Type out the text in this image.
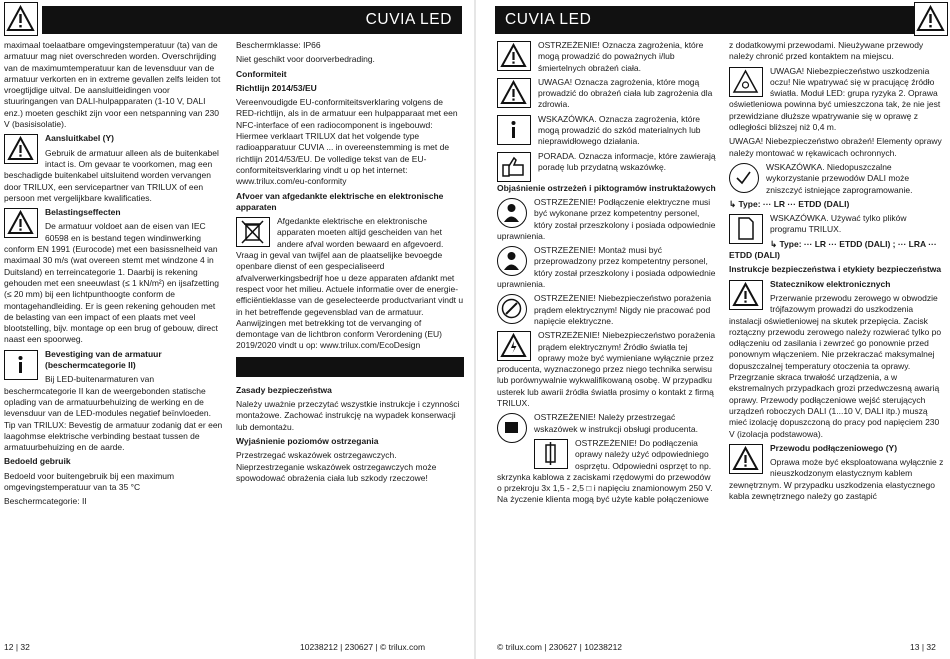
CUVIA LED

maximaal toelaatbare omgevingstemperatuur (ta) van de armatuur mag niet overschreden worden. Overschrijding van de maximumtemperatuur kan de levensduur van de armatuur verkorten en in extreme gevallen zelfs leiden tot vroegtijdige uitval. De aansluitleidingen voor stuuringangen van DALI-hulpapparaten (1-10 V, DALI enz.) moeten geschikt zijn voor een netspanning van 230 V (basisisolatie).

Aansluitkabel (Y)

Gebruik de armatuur alleen als de buitenkabel intact is. Om gevaar te voorkomen, mag een beschadigde buitenkabel uitsluitend worden vervangen door TRILUX, een servicepartner van TRILUX of een persoon met vergelijkbare kwalificaties.

Belastingseffecten

De armatuur voldoet aan de eisen van IEC 60598 en is bestand tegen windinwerking conform EN 1991 (Eurocode) met een basissnelheid van maximaal 30 m/s (wat overeen stemt met windzone 4 in Duitsland) en terreincategorie 1. Daarbij is rekening gehouden met een sneeuwlast (≤ 1 kN/m²) en ijsafzetting (≤ 20 mm) bij een lichtpunthoogte conform de montagehandleiding. Er is geen rekening gehouden met de belasting van een impact of een plaats met veel blootstelling, bijv. montage op een brug of gebouw, direct naast een spoorweg.

Bevestiging van de armatuur (beschermcategorie II)

Bij LED-buitenarmaturen van beschermcategorie II kan de weergebonden statische oplading van de armatuurbehuizing de werking en de levensduur van de LED-modules negatief beïnvloeden. Tip van TRILUX: Bevestig de armatuur zodanig dat er een laagohmse elektrische verbinding bestaat tussen de armatuurbehuizing en de aarde.

Bedoeld gebruik

Bedoeld voor buitengebruik bij een maximum omgevingstemperatuur van ta 35 °C

Beschermcategorie: II

Beschermklasse: IP66

Niet geschikt voor doorverbedrading.

Conformiteit

Richtlijn 2014/53/EU

Vereenvoudigde EU-conformiteitsverklaring volgens de RED-richtlijn, als in de armatuur een hulpapparaat met een NFC-interface of een radiocomponent is ingebouwd: Hiermee verklaart TRILUX dat het volgende type radioapparatuur CUVIA ... in overeenstemming is met de richtlijn 2014/53/EU. De volledige tekst van de EU-conformiteitsverklaring vindt u op het internet: www.trilux.com/eu-conformity

Afvoer van afgedankte elektrische en elektronische apparaten

Afgedankte elektrische en elektronische apparaten moeten altijd gescheiden van het andere afval worden bewaard en afgevoerd. Vraag in geval van twijfel aan de plaatselijke bevoegde openbare dienst of een gespecialiseerd afvalverwerkingsbedrijf hoe u deze apparaten afdankt met respect voor het milieu. Actuele informatie over de energie-efficiëntieklasse van de geselecteerde productvariant vindt u in het betreffende gegevensblad van de armatuur. Aanwijzingen met betrekking tot de vervanging of demontage van de lichtbron conform Verordening (EU) 2019/2020 vindt u op: www.trilux.com/EcoDesign

Zasady bezpieczeństwa

Należy uważnie przeczytać wszystkie instrukcje i czynności montażowe. Zachować instrukcję na wypadek konserwacji lub demontażu.

Wyjaśnienie poziomów ostrzegania

Przestrzegać wskazówek ostrzegawczych. Nieprzestrzeganie wskazówek ostrzegawczych może spowodować obrażenia ciała lub szkody rzeczowe!

12 | 32	10238212 | 230627 | © trilux.com
CUVIA LED

OSTRZEŻENIE! Oznacza zagrożenia, które mogą prowadzić do poważnych i/lub śmiertelnych obrażeń ciała.

UWAGA! Oznacza zagrożenia, które mogą prowadzić do obrażeń ciała lub zagrożenia dla zdrowia.

WSKAZÓWKA. Oznacza zagrożenia, które mogą prowadzić do szkód materialnych lub nieprawidłowego działania.

PORADA. Oznacza informacje, które zawierają poradę lub przydatną wskazówkę.

Objaśnienie ostrzeżeń i piktogramów instruktażowych

OSTRZEŻENIE! Podłączenie elektryczne musi być wykonane przez kompetentny personel, który został przeszkolony i posiada odpowiednie uprawnienia.

OSTRZEŻENIE! Montaż musi być przeprowadzony przez kompetentny personel, który został przeszkolony i posiada odpowiednie uprawnienia.

OSTRZEŻENIE! Niebezpieczeństwo porażenia prądem elektrycznym! Nigdy nie pracować pod napięcie elektryczne.

OSTRZEŻENIE! Niebezpieczeństwo porażenia prądem elektrycznym! Źródło światła tej oprawy może być wymieniane wyłącznie przez producenta, wyznaczonego przez niego technika serwisu lub porównywalnie wykwalifikowaną osobę. W przypadku usterek lub awarii źródła światła prosimy o kontakt z firmą TRILUX.

OSTRZEŻENIE! Należy przestrzegać wskazówek w instrukcji obsługi producenta.

OSTRZEŻENIE! Do podłączenia oprawy należy użyć odpowiedniego osprzętu. Odpowiedni osprzęt to np. skrzynka kablowa z zaciskami rzędowymi do przewodów o przekroju 3x 1,5 - 2,5 □ i napięciu znamionowym 250 V. Na życzenie klienta mogą być użyte kable połączeniowe

z dodatkowymi przewodami. Nieużywane przewody należy chronić przed kontaktem na miejscu.

UWAGA! Niebezpieczeństwo uszkodzenia oczu! Nie wpatrywać się w pracującę źródło światła. Moduł LED: grupa ryzyka 2. Oprawa oświetleniowa powinna być umieszczona tak, że nie jest przewidziane dłuższe wpatrywanie się w oprawę z odległości bliższej niż 0,4 m.

UWAGA! Niebezpieczeństwo obrażeń! Elementy oprawy należy montować w rękawicach ochronnych.

WSKAZÓWKA. Niedopuszczalne wykorzystanie przewodów DALI może zniszczyć istniejące zaprogramowanie.

↳ Type: ··· LR ··· ETDD (DALI)

WSKAZÓWKA. Używać tylko plików programu TRILUX.

↳ Type: ··· LR ··· ETDD (DALI) ; ··· LRA ··· ETDD (DALI)

Instrukcje bezpieczeństwa i etykiety bezpieczeństwa

Statecznikow elektronicznych

Przerwanie przewodu zerowego w obwodzie trójfazowym prowadzi do uszkodzenia instalacji oświetleniowej na skutek przepięcia. Zacisk roztączny przewodu zerowego należy rozwierać tylko po odłączeniu od zasilania i zewrzeć go ponownie przed ponownym włączeniem. Nie przekraczać maksymalnej dopuszczalnej temperatury otoczenia ta oprawy. Przegrzanie skraca trwałość urządzenia, a w ekstremalnych przypadkach grozi przedwczesną awarią oprawy. Przewody podłączeniowe wejść sterujących urządzeń roboczych DALI (1...10 V, DALI itp.) muszą mieć izolację dopuszczoną do pracy pod napięciem 230 V (izolacja podstawowa).

Przewodu podłączeniowego (Y)

Oprawa może być eksploatowana wyłącznie z nieuszkodzonym elastycznym kablem zewnętrznym. W przypadku uszkodzenia elastycznego kabla zewnętrznego należy go zastąpić

© trilux.com | 230627 | 10238212	13 | 32
